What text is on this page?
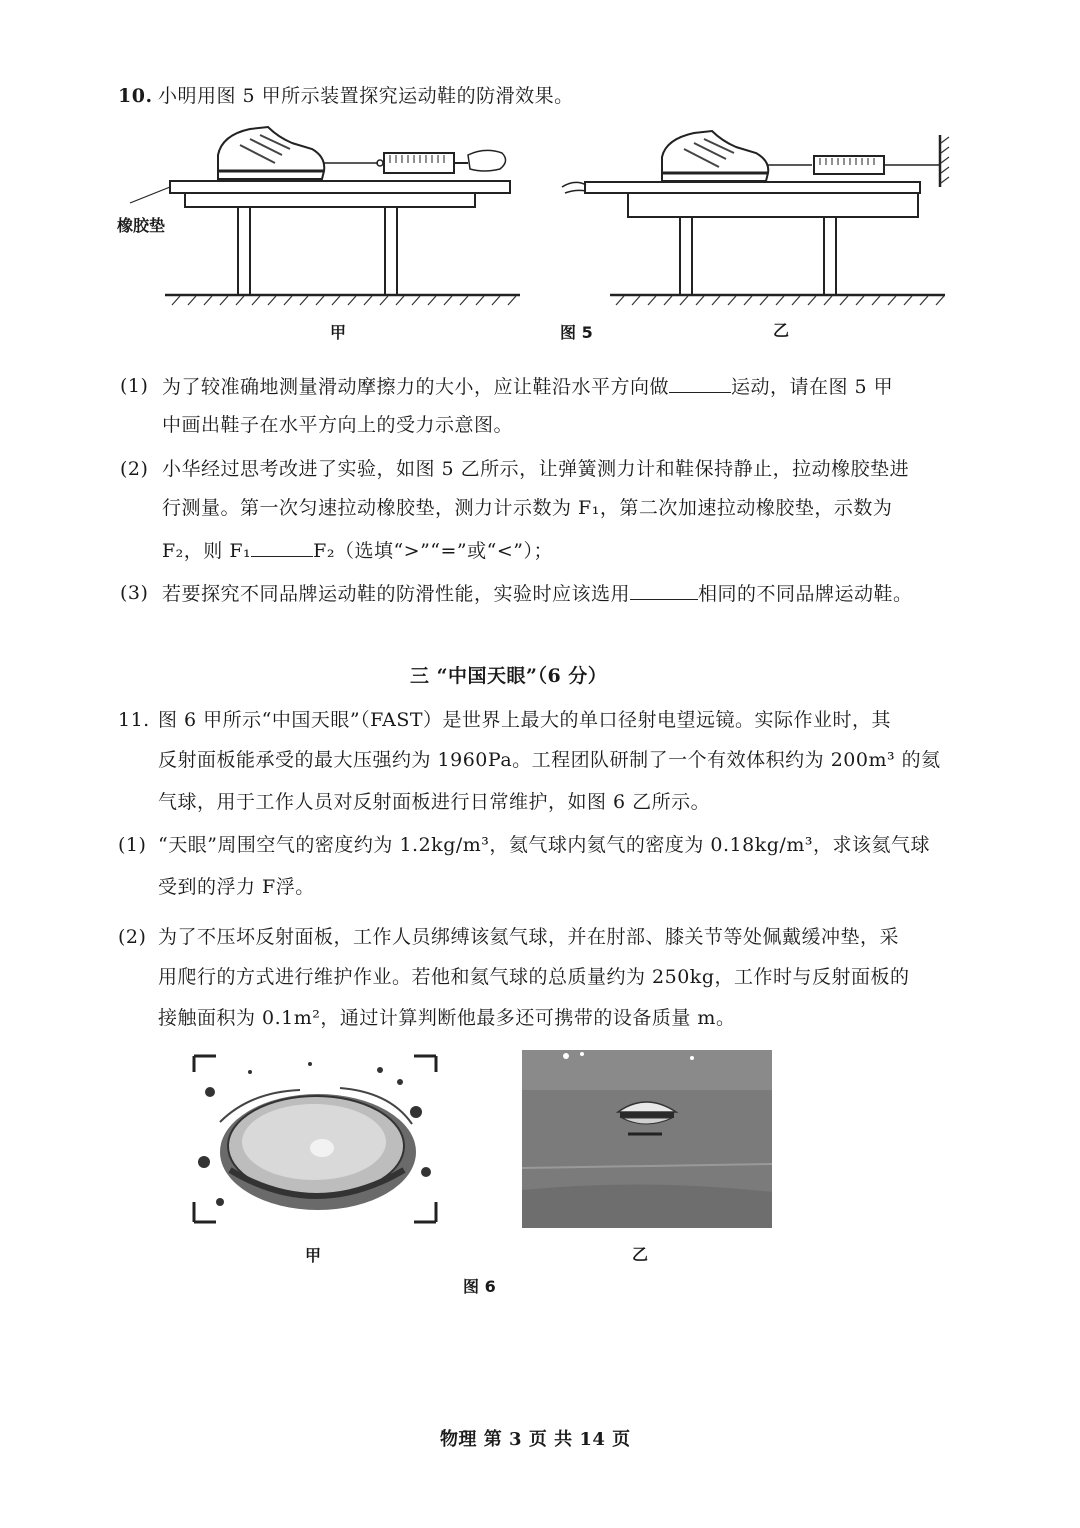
10. 小明用图 5 甲所示装置探究运动鞋的防滑效果。
橡胶垫
甲	图 5	乙
(1) 为了较准确地测量滑动摩擦力的大小，应让鞋沿水平方向做	运动，请在图 5 甲
中画出鞋子在水平方向上的受力示意图。
(2) 小华经过思考改进了实验，如图 5 乙所示，让弹簧测力计和鞋保持静止，拉动橡胶垫进
行测量。第一次匀速拉动橡胶垫，测力计示数为 F₁，第二次加速拉动橡胶垫，示数为
F₂，则 F₁	F₂（选填“>”“=”或“<”）；
(3) 若要探究不同品牌运动鞋的防滑性能，实验时应该选用	相同的不同品牌运动鞋。
三 “中国天眼”（6 分）
11. 图 6 甲所示“中国天眼”（FAST）是世界上最大的单口径射电望远镜。实际作业时，其
反射面板能承受的最大压强约为 1960Pa。工程团队研制了一个有效体积约为 200m³ 的氦
气球，用于工作人员对反射面板进行日常维护，如图 6 乙所示。
(1) “天眼”周围空气的密度约为 1.2kg/m³，氦气球内氦气的密度为 0.18kg/m³，求该氦气球
受到的浮力 F浮。
(2) 为了不压坏反射面板，工作人员绑缚该氦气球，并在肘部、膝关节等处佩戴缓冲垫，采
用爬行的方式进行维护作业。若他和氦气球的总质量约为 250kg，工作时与反射面板的
接触面积为 0.1m²，通过计算判断他最多还可携带的设备质量 m。
甲	乙
图 6
物理 第 3 页 共 14 页
